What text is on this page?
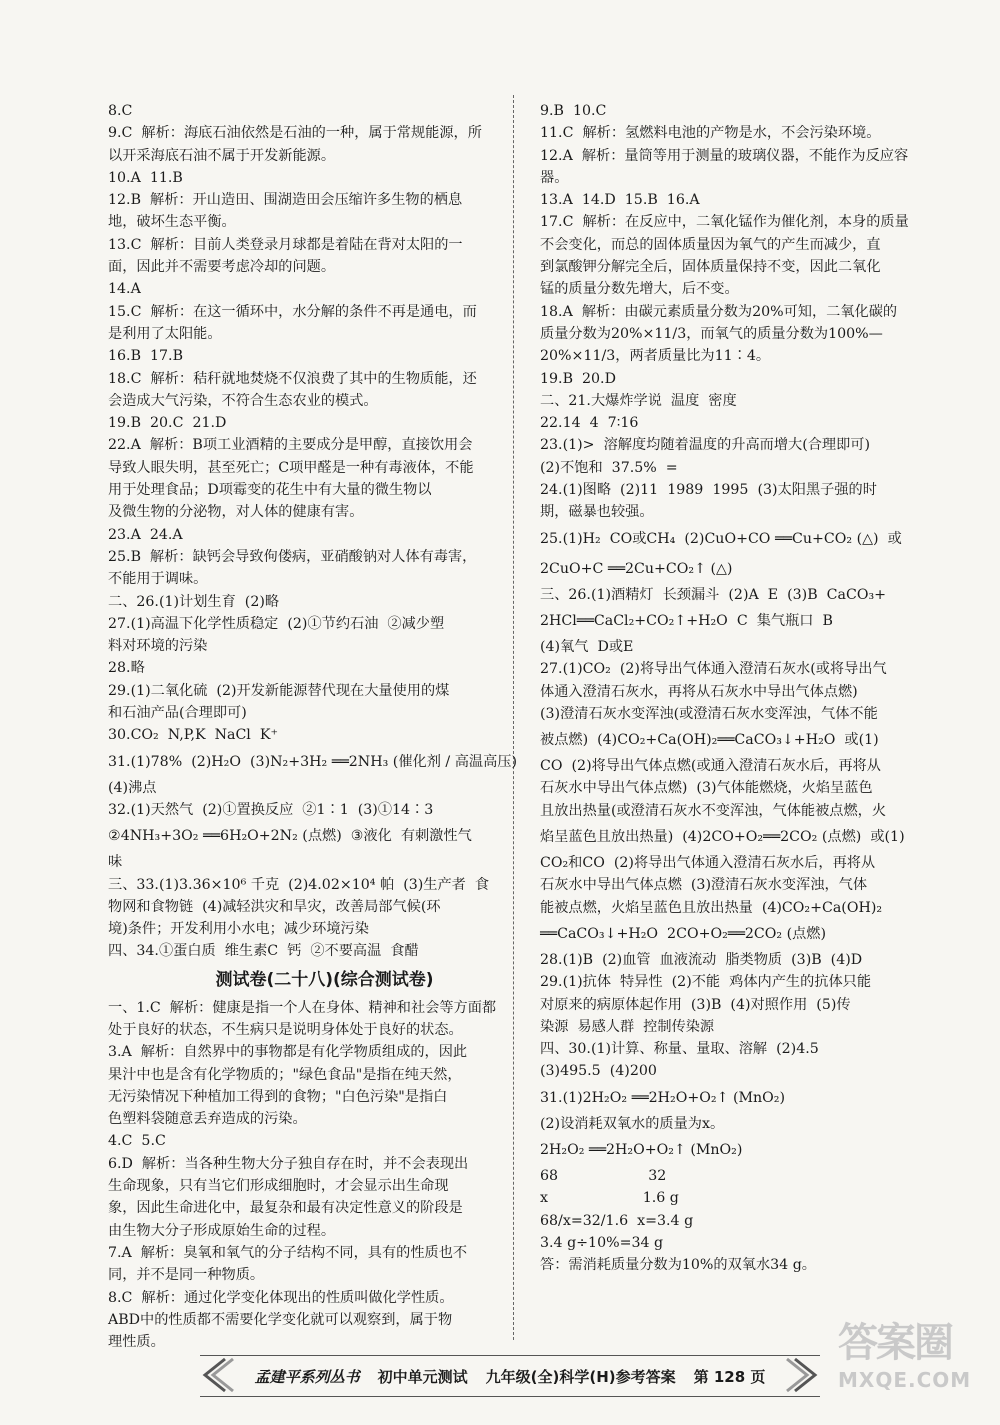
8.C
9.C  解析：海底石油依然是石油的一种，属于常规能源，所
以开采海底石油不属于开发新能源。
10.A  11.B
12.B  解析：开山造田、围湖造田会压缩许多生物的栖息
地，破坏生态平衡。
13.C  解析：目前人类登录月球都是着陆在背对太阳的一
面，因此并不需要考虑冷却的问题。
14.A
15.C  解析：在这一循环中，水分解的条件不再是通电，而
是利用了太阳能。
16.B  17.B
18.C  解析：秸秆就地焚烧不仅浪费了其中的生物质能，还
会造成大气污染，不符合生态农业的模式。
19.B  20.C  21.D
22.A  解析：B项工业酒精的主要成分是甲醇，直接饮用会
导致人眼失明，甚至死亡；C项甲醛是一种有毒液体，不能
用于处理食品；D项霉变的花生中有大量的微生物以
及微生物的分泌物，对人体的健康有害。
23.A  24.A
25.B  解析：缺钙会导致佝偻病，亚硝酸钠对人体有毒害，
不能用于调味。
二、26.(1)计划生育  (2)略
27.(1)高温下化学性质稳定  (2)①节约石油  ②减少塑
料对环境的污染
28.略
29.(1)二氧化硫  (2)开发新能源替代现在大量使用的煤
和石油产品(合理即可)
30.CO₂  N,P,K  NaCl  K⁺
31.(1)78%  (2)H₂O  (3)N₂+3H₂ ══2NH₃ (催化剂 / 高温高压)
(4)沸点
32.(1)天然气  (2)①置换反应  ②1∶1  (3)①14∶3
②4NH₃+3O₂ ══6H₂O+2N₂ (点燃)  ③液化  有刺激性气
味
三、33.(1)3.36×10⁶ 千克  (2)4.02×10⁴ 帕  (3)生产者  食
物网和食物链  (4)减轻洪灾和旱灾，改善局部气候(环
境)条件；开发利用小水电；减少环境污染
四、34.①蛋白质  维生素C  钙  ②不要高温  食醋
测试卷(二十八)(综合测试卷)
一、1.C  解析：健康是指一个人在身体、精神和社会等方面都
处于良好的状态，不生病只是说明身体处于良好的状态。
3.A  解析：自然界中的事物都是有化学物质组成的，因此
果汁中也是含有化学物质的；"绿色食品"是指在纯天然，
无污染情况下种植加工得到的食物；"白色污染"是指白
色塑料袋随意丢弃造成的污染。
4.C  5.C
6.D  解析：当各种生物大分子独自存在时，并不会表现出
生命现象，只有当它们形成细胞时，才会显示出生命现
象，因此生命进化中，最复杂和最有决定性意义的阶段是
由生物大分子形成原始生命的过程。
7.A  解析：臭氧和氧气的分子结构不同，具有的性质也不
同，并不是同一种物质。
8.C  解析：通过化学变化体现出的性质叫做化学性质。
ABD中的性质都不需要化学变化就可以观察到，属于物
理性质。
9.B  10.C
11.C  解析：氢燃料电池的产物是水，不会污染环境。
12.A  解析：量筒等用于测量的玻璃仪器，不能作为反应容
器。
13.A  14.D  15.B  16.A
17.C  解析：在反应中，二氧化锰作为催化剂，本身的质量
不会变化，而总的固体质量因为氧气的产生而减少，直
到氯酸钾分解完全后，固体质量保持不变，因此二氧化
锰的质量分数先增大，后不变。
18.A  解析：由碳元素质量分数为20%可知，二氧化碳的
质量分数为20%×11/3，而氧气的质量分数为100%—
20%×11/3，两者质量比为11∶4。
19.B  20.D
二、21.大爆炸学说  温度  密度
22.14  4  7∶16
23.(1)>  溶解度均随着温度的升高而增大(合理即可)
(2)不饱和  37.5%  =
24.(1)图略  (2)11  1989  1995  (3)太阳黑子强的时
期，磁暴也较强。
25.(1)H₂  CO或CH₄  (2)CuO+CO ══Cu+CO₂ (△)  或
2CuO+C ══2Cu+CO₂↑ (△)
三、26.(1)酒精灯  长颈漏斗  (2)A  E  (3)B  CaCO₃+
2HCl══CaCl₂+CO₂↑+H₂O  C  集气瓶口  B
(4)氧气  D或E
27.(1)CO₂  (2)将导出气体通入澄清石灰水(或将导出气
体通入澄清石灰水，再将从石灰水中导出气体点燃)
(3)澄清石灰水变浑浊(或澄清石灰水变浑浊，气体不能
被点燃)  (4)CO₂+Ca(OH)₂══CaCO₃↓+H₂O  或(1)
CO  (2)将导出气体点燃(或通入澄清石灰水后，再将从
石灰水中导出气体点燃)  (3)气体能燃烧，火焰呈蓝色
且放出热量(或澄清石灰水不变浑浊，气体能被点燃，火
焰呈蓝色且放出热量)  (4)2CO+O₂══2CO₂ (点燃)  或(1)
CO₂和CO  (2)将导出气体通入澄清石灰水后，再将从
石灰水中导出气体点燃  (3)澄清石灰水变浑浊，气体
能被点燃，火焰呈蓝色且放出热量  (4)CO₂+Ca(OH)₂
══CaCO₃↓+H₂O  2CO+O₂══2CO₂ (点燃)
28.(1)B  (2)血管  血液流动  脂类物质  (3)B  (4)D
29.(1)抗体  特异性  (2)不能  鸡体内产生的抗体只能
对原来的病原体起作用  (3)B  (4)对照作用  (5)传
染源  易感人群  控制传染源
四、30.(1)计算、称量、量取、溶解  (2)4.5
(3)495.5  (4)200
31.(1)2H₂O₂ ══2H₂O+O₂↑ (MnO₂)
(2)设消耗双氧水的质量为x。
2H₂O₂ ══2H₂O+O₂↑ (MnO₂)
68                    32
x                     1.6 g
68/x=32/1.6  x=3.4 g
3.4 g÷10%=34 g
答：需消耗质量分数为10%的双氧水34 g。
孟建平系列丛书 初中单元测试 九年级(全)科学(H)参考答案 第 128 页
答案圈
MXQE.COM
